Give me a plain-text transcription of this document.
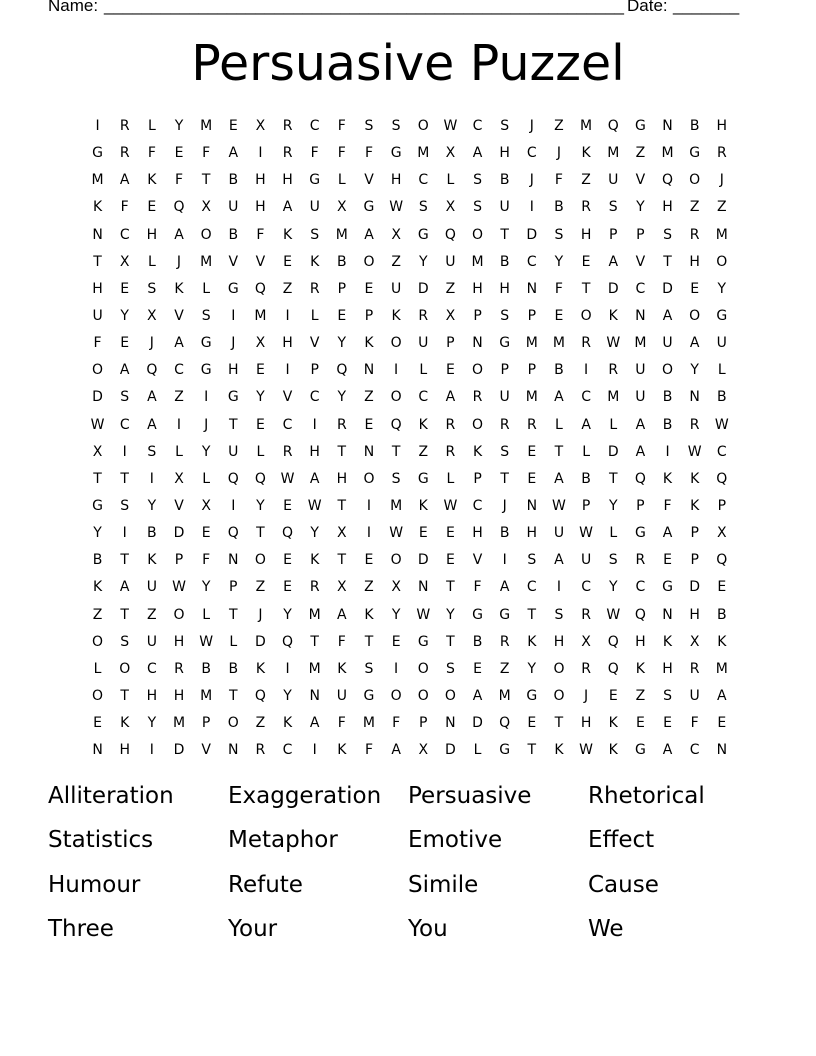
Name: _______________________________________________________ Date: _______
Persuasive Puzzel
I	R	L	Y	M	E	X	R	C	F	S	S	O	W	C	S	J	Z	M	Q	G	N	B	H
G	R	F	E	F	A	I	R	F	F	F	G	M	X	A	H	C	J	K	M	Z	M	G	R
M	A	K	F	T	B	H	H	G	L	V	H	C	L	S	B	J	F	Z	U	V	Q	O	J
K	F	E	Q	X	U	H	A	U	X	G	W	S	X	S	U	I	B	R	S	Y	H	Z	Z
N	C	H	A	O	B	F	K	S	M	A	X	G	Q	O	T	D	S	H	P	P	S	R	M
T	X	L	J	M	V	V	E	K	B	O	Z	Y	U	M	B	C	Y	E	A	V	T	H	O
H	E	S	K	L	G	Q	Z	R	P	E	U	D	Z	H	H	N	F	T	D	C	D	E	Y
U	Y	X	V	S	I	M	I	L	E	P	K	R	X	P	S	P	E	O	K	N	A	O	G
F	E	J	A	G	J	X	H	V	Y	K	O	U	P	N	G	M	M	R	W	M	U	A	U
O	A	Q	C	G	H	E	I	P	Q	N	I	L	E	O	P	P	B	I	R	U	O	Y	L
D	S	A	Z	I	G	Y	V	C	Y	Z	O	C	A	R	U	M	A	C	M	U	B	N	B
W	C	A	I	J	T	E	C	I	R	E	Q	K	R	O	R	R	L	A	L	A	B	R	W
X	I	S	L	Y	U	L	R	H	T	N	T	Z	R	K	S	E	T	L	D	A	I	W	C
T	T	I	X	L	Q	Q	W	A	H	O	S	G	L	P	T	E	A	B	T	Q	K	K	Q
G	S	Y	V	X	I	Y	E	W	T	I	M	K	W	C	J	N	W	P	Y	P	F	K	P
Y	I	B	D	E	Q	T	Q	Y	X	I	W	E	E	H	B	H	U	W	L	G	A	P	X
B	T	K	P	F	N	O	E	K	T	E	O	D	E	V	I	S	A	U	S	R	E	P	Q
K	A	U	W	Y	P	Z	E	R	X	Z	X	N	T	F	A	C	I	C	Y	C	G	D	E
Z	T	Z	O	L	T	J	Y	M	A	K	Y	W	Y	G	G	T	S	R	W	Q	N	H	B
O	S	U	H	W	L	D	Q	T	F	T	E	G	T	B	R	K	H	X	Q	H	K	X	K
L	O	C	R	B	B	K	I	M	K	S	I	O	S	E	Z	Y	O	R	Q	K	H	R	M
O	T	H	H	M	T	Q	Y	N	U	G	O	O	O	A	M	G	O	J	E	Z	S	U	A
E	K	Y	M	P	O	Z	K	A	F	M	F	P	N	D	Q	E	T	H	K	E	E	F	E
N	H	I	D	V	N	R	C	I	K	F	A	X	D	L	G	T	K	W	K	G	A	C	N
Alliteration	Exaggeration	Persuasive	Rhetorical
Statistics	Metaphor	Emotive	Effect
Humour	Refute	Simile	Cause
Three	Your	You	We
